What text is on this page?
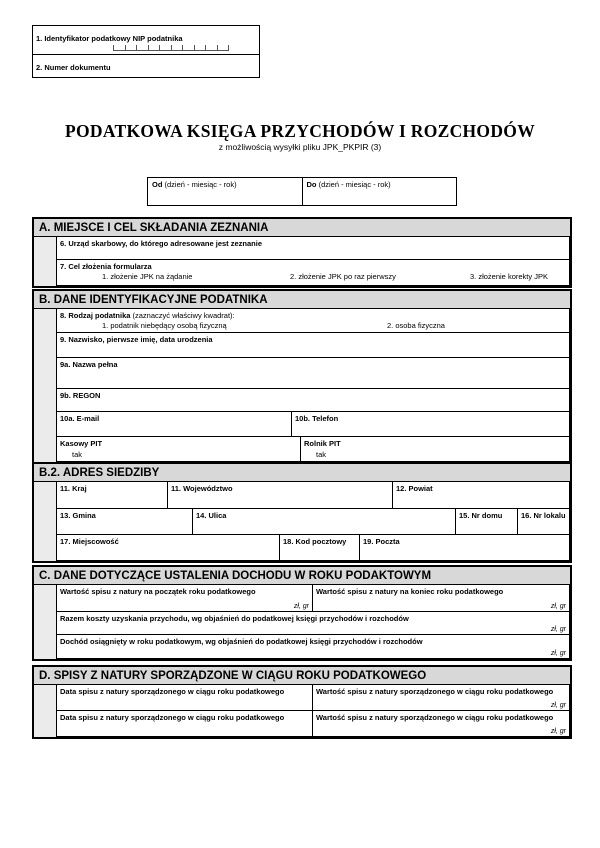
1. Identyfikator podatkowy NIP podatnika
2. Numer dokumentu
PODATKOWA KSIĘGA PRZYCHODÓW I ROZCHODÓW
z możliwością wysyłki pliku JPK_PKPIR (3)
Od (dzień - miesiąc - rok)	Do (dzień - miesiąc - rok)
A. MIEJSCE I CEL SKŁADANIA ZEZNANIA
6. Urząd skarbowy, do którego adresowane jest zeznanie
7. Cel złożenia formularza
1. złożenie JPK na żądanie	2. złożenie JPK po raz pierwszy	3. złożenie korekty JPK
B. DANE IDENTYFIKACYJNE PODATNIKA
8. Rodzaj podatnika (zaznaczyć właściwy kwadrat):
1. podatnik niebędący osobą fizyczną	2. osoba fizyczna
9. Nazwisko, pierwsze imię, data urodzenia
9a. Nazwa pełna
9b. REGON
10a. E-mail	10b. Telefon
Kasowy PIT
tak
Rolnik PIT
tak
B.2. ADRES SIEDZIBY
11. Kraj	11. Województwo	12. Powiat
13. Gmina	14. Ulica	15. Nr domu	16. Nr lokalu
17. Miejscowość	18. Kod pocztowy	19. Poczta
C. DANE DOTYCZĄCE USTALENIA DOCHODU W ROKU PODAKTOWYM
Wartość spisu z natury na początek roku podatkowego
zł, gr
Wartość spisu z natury na koniec roku podatkowego
zł, gr
Razem koszty uzyskania przychodu, wg objaśnień do podatkowej księgi przychodów i rozchodów
zł, gr
Dochód osiągnięty w roku podatkowym, wg objaśnień do podatkowej księgi przychodów i rozchodów
zł, gr
D. SPISY Z NATURY SPORZĄDZONE W CIĄGU ROKU PODATKOWEGO
Data spisu z natury sporządzonego w ciągu roku podatkowego	Wartość spisu z natury sporządzonego w ciągu roku podatkowego
zł, gr
Data spisu z natury sporządzonego w ciągu roku podatkowego	Wartość spisu z natury sporządzonego w ciągu roku podatkowego
zł, gr
